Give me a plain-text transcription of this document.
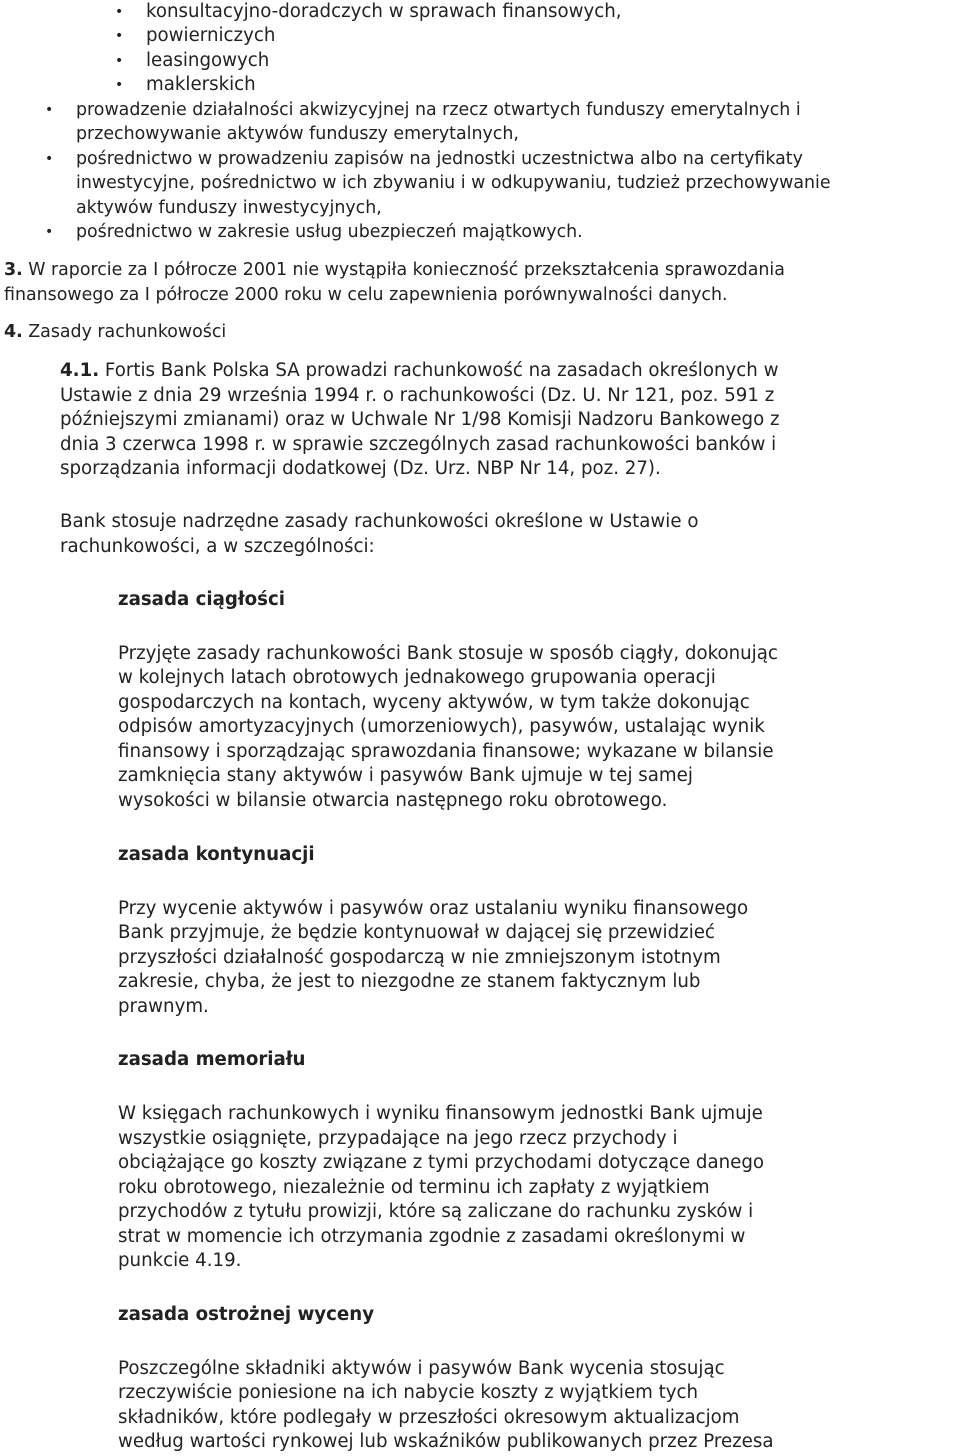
• konsultacyjno-doradczych w sprawach finansowych,
• powierniczych
• leasingowych
• maklerskich
• prowadzenie działalności akwizycyjnej na rzecz otwartych funduszy emerytalnych i
przechowywanie aktywów funduszy emerytalnych,
• pośrednictwo w prowadzeniu zapisów na jednostki uczestnictwa albo na certyfikaty
inwestycyjne, pośrednictwo w ich zbywaniu i w odkupywaniu, tudzież przechowywanie
aktywów funduszy inwestycyjnych,
• pośrednictwo w zakresie usług ubezpieczeń majątkowych.
3. W raporcie za I półrocze 2001 nie wystąpiła konieczność przekształcenia sprawozdania
finansowego za I półrocze 2000 roku w celu zapewnienia porównywalności danych.
4. Zasady rachunkowości
4.1. Fortis Bank Polska SA prowadzi rachunkowość na zasadach określonych w
Ustawie z dnia 29 września 1994 r. o rachunkowości (Dz. U. Nr 121, poz. 591 z
późniejszymi zmianami) oraz w Uchwale Nr 1/98 Komisji Nadzoru Bankowego z
dnia 3 czerwca 1998 r. w sprawie szczególnych zasad rachunkowości banków i
sporządzania informacji dodatkowej (Dz. Urz. NBP Nr 14, poz. 27).
Bank stosuje nadrzędne zasady rachunkowości określone w Ustawie o
rachunkowości, a w szczególności:
zasada ciągłości
Przyjęte zasady rachunkowości Bank stosuje w sposób ciągły, dokonując
w kolejnych latach obrotowych jednakowego grupowania operacji
gospodarczych na kontach, wyceny aktywów, w tym także dokonując
odpisów amortyzacyjnych (umorzeniowych), pasywów, ustalając wynik
finansowy i sporządzając sprawozdania finansowe; wykazane w bilansie
zamknięcia stany aktywów i pasywów Bank ujmuje w tej samej
wysokości w bilansie otwarcia następnego roku obrotowego.
zasada kontynuacji
Przy wycenie aktywów i pasywów oraz ustalaniu wyniku finansowego
Bank przyjmuje, że będzie kontynuował w dającej się przewidzieć
przyszłości działalność gospodarczą w nie zmniejszonym istotnym
zakresie, chyba, że jest to niezgodne ze stanem faktycznym lub
prawnym.
zasada memoriału
W księgach rachunkowych i wyniku finansowym jednostki Bank ujmuje
wszystkie osiągnięte, przypadające na jego rzecz przychody i
obciążające go koszty związane z tymi przychodami dotyczące danego
roku obrotowego, niezależnie od terminu ich zapłaty z wyjątkiem
przychodów z tytułu prowizji, które są zaliczane do rachunku zysków i
strat w momencie ich otrzymania zgodnie z zasadami określonymi w
punkcie 4.19.
zasada ostrożnej wyceny
Poszczególne składniki aktywów i pasywów Bank wycenia stosując
rzeczywiście poniesione na ich nabycie koszty z wyjątkiem tych
składników, które podlegały w przeszłości okresowym aktualizacjom
według wartości rynkowej lub wskaźników publikowanych przez Prezesa
